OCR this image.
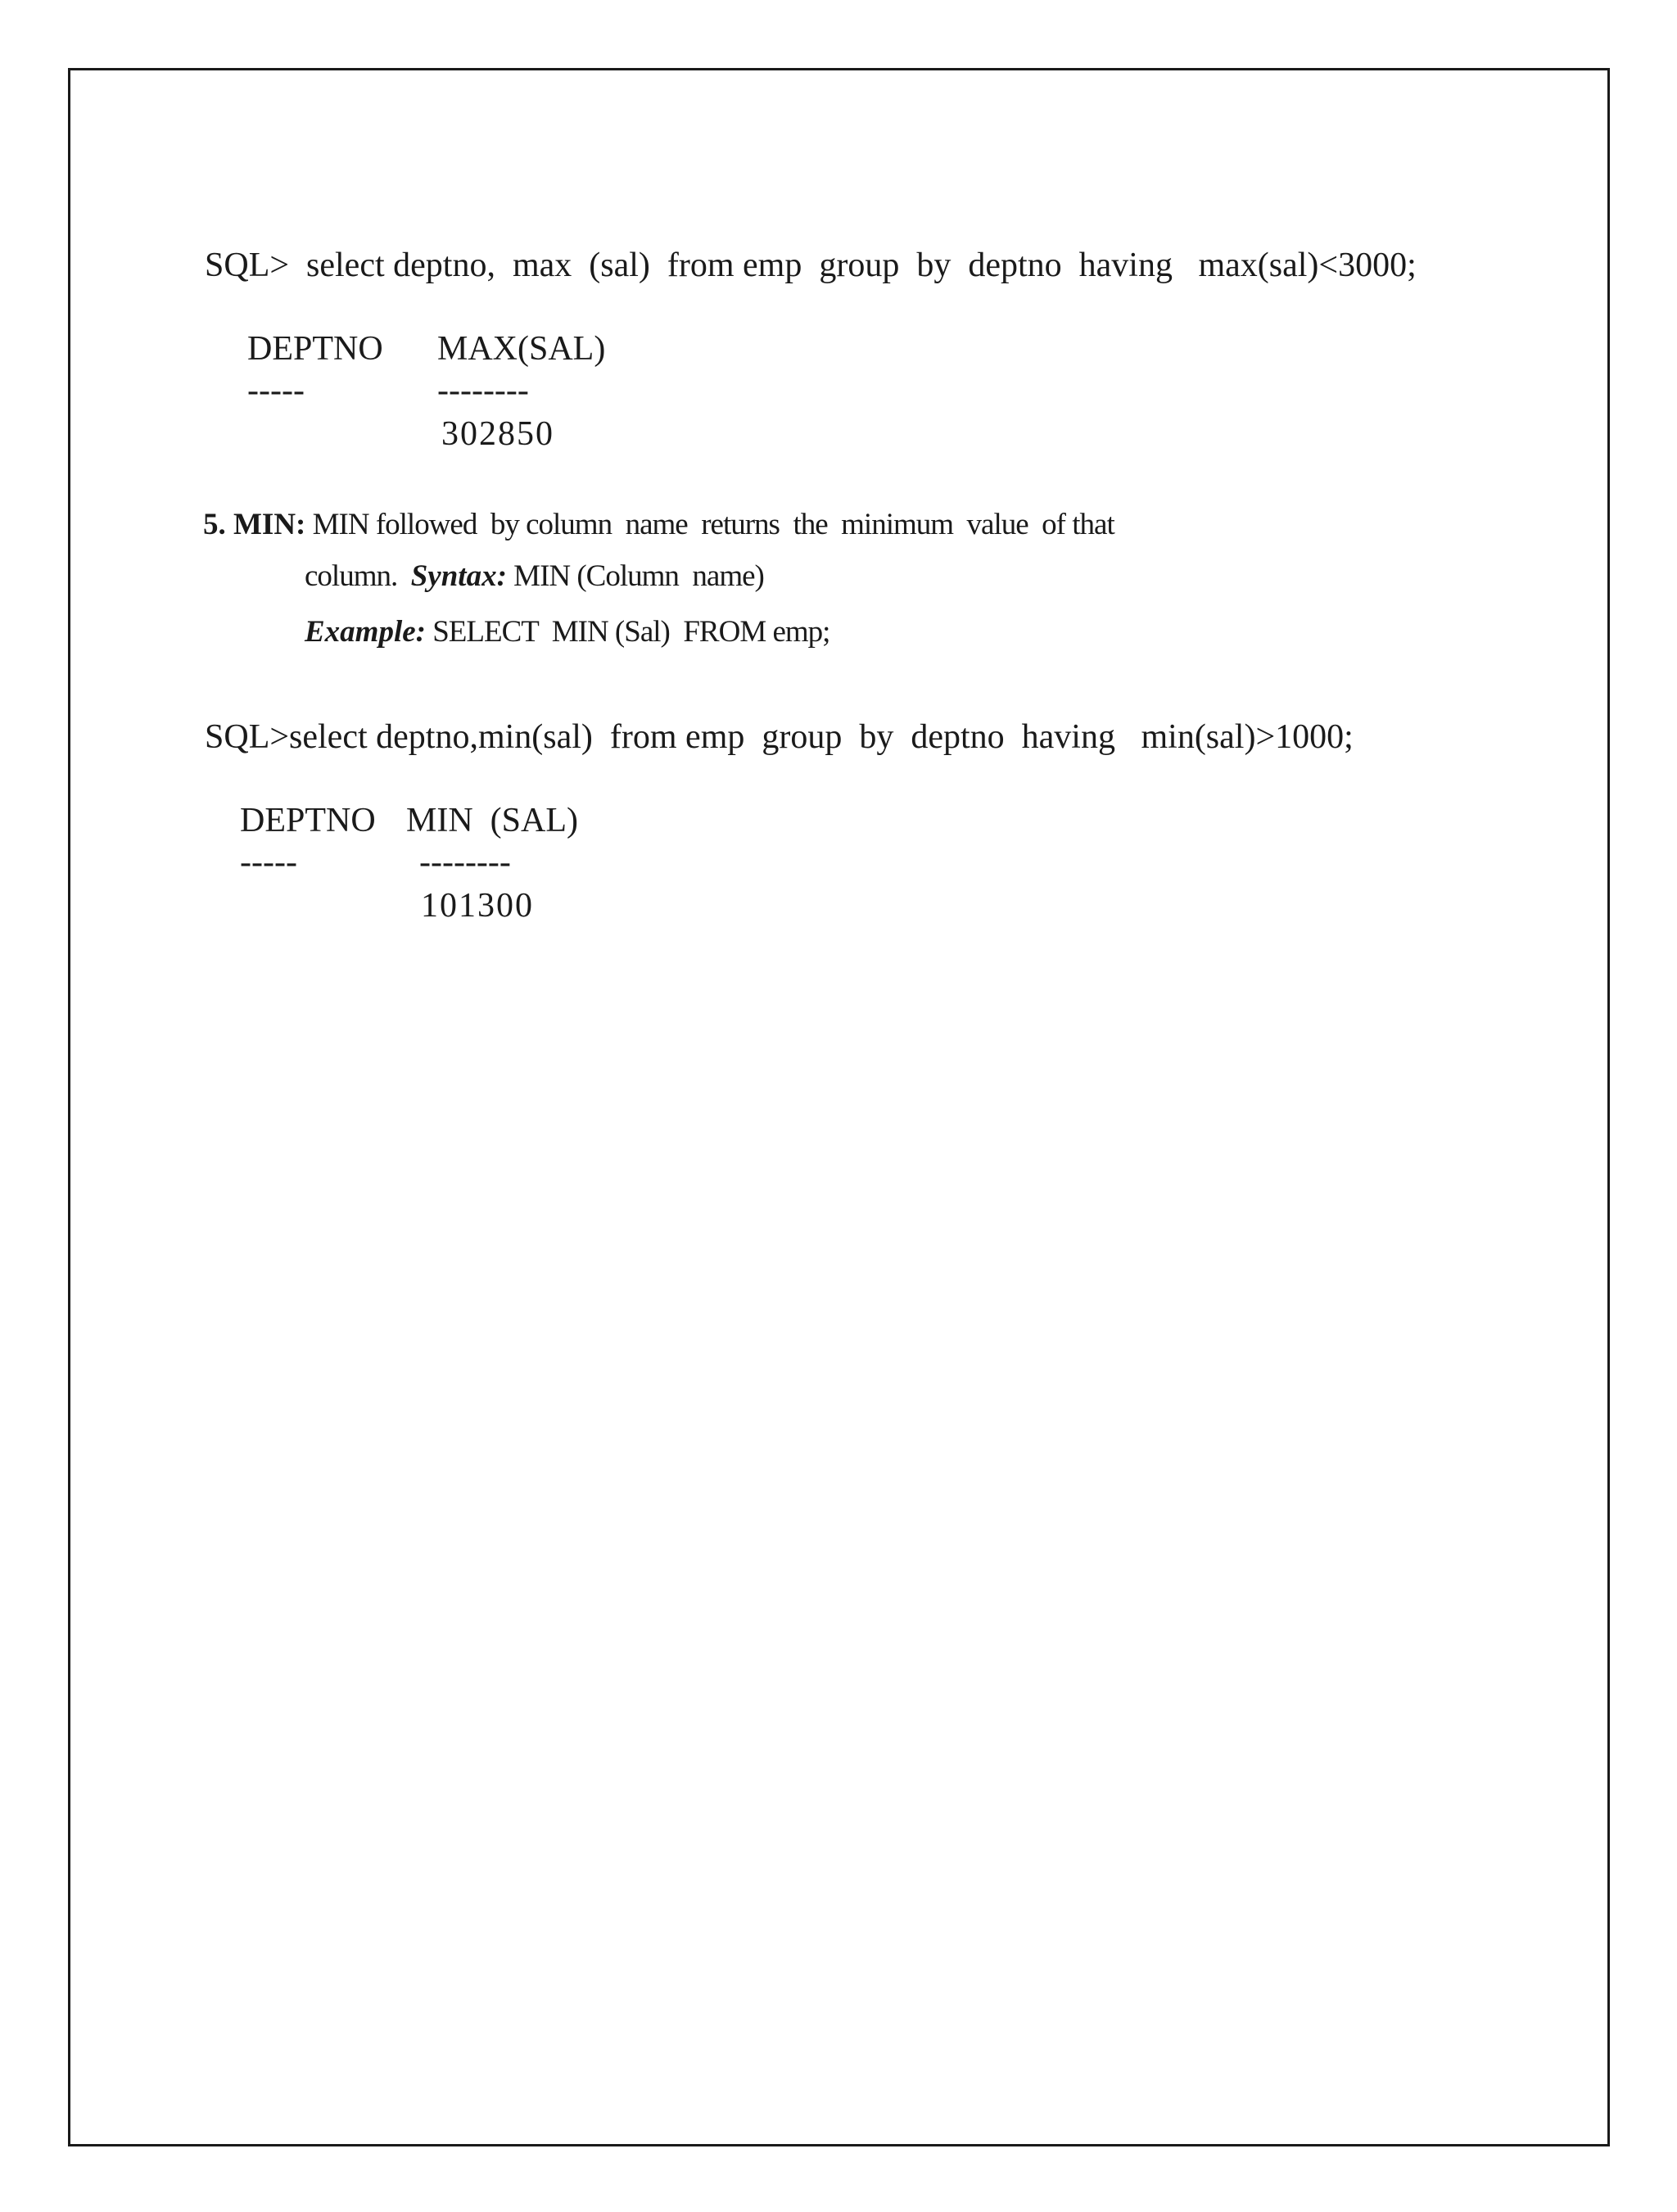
SQL>  select deptno,  max  (sal)  from emp  group  by  deptno  having   max(sal)<3000;
DEPTNO MAX(SAL)
-----	--------
302850
5. MIN: MIN followed  by column  name  returns  the  minimum  value  of that
column.  Syntax: MIN (Column  name)
Example: SELECT  MIN (Sal)  FROM emp;
SQL>select deptno,min(sal)  from emp  group  by  deptno  having   min(sal)>1000;
DEPTNO MIN  (SAL)
-----	--------
101300
